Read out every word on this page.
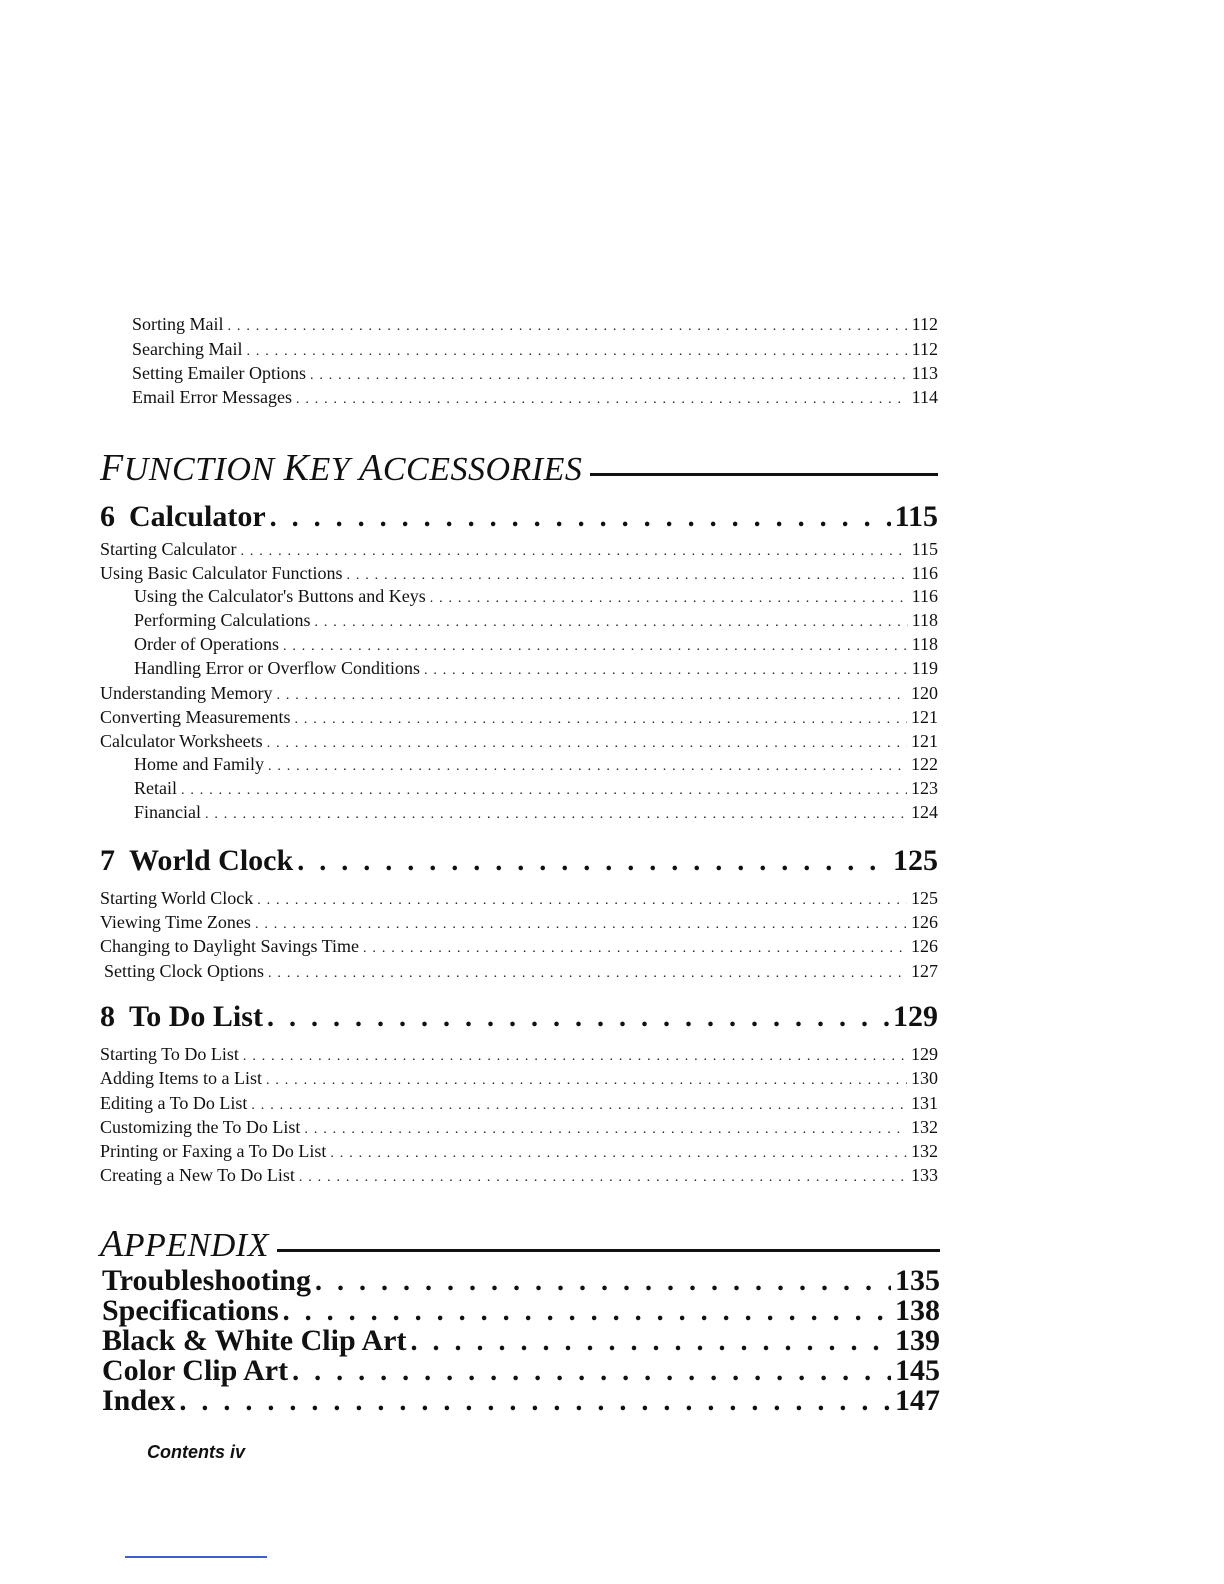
Sorting Mail . . .	112
Searching Mail . . .	112
Setting Emailer Options . . .	113
Email Error Messages . . .	114
FUNCTION KEY ACCESSORIES
6 Calculator . . .	115
Starting Calculator . . .	115
Using Basic Calculator Functions . . .	116
Using the Calculator's Buttons and Keys . . .	116
Performing Calculations . . .	118
Order of Operations . . .	118
Handling Error or Overflow Conditions . . .	119
Understanding Memory . . .	120
Converting Measurements . . .	121
Calculator Worksheets . . .	121
Home and Family . . .	122
Retail . . .	123
Financial . . .	124
7 World Clock . . .	125
Starting World Clock . . .	125
Viewing Time Zones . . .	126
Changing to Daylight Savings Time . . .	126
Setting Clock Options . . .	127
8 To Do List . . .	129
Starting To Do List . . .	129
Adding Items to a List . . .	130
Editing a To Do List . . .	131
Customizing the To Do List . . .	132
Printing or Faxing a To Do List . . .	132
Creating a New To Do List . . .	133
APPENDIX
Troubleshooting . . .	135
Specifications . . .	138
Black & White Clip Art . . .	139
Color Clip Art . . .	145
Index . . .	147
Contents iv
